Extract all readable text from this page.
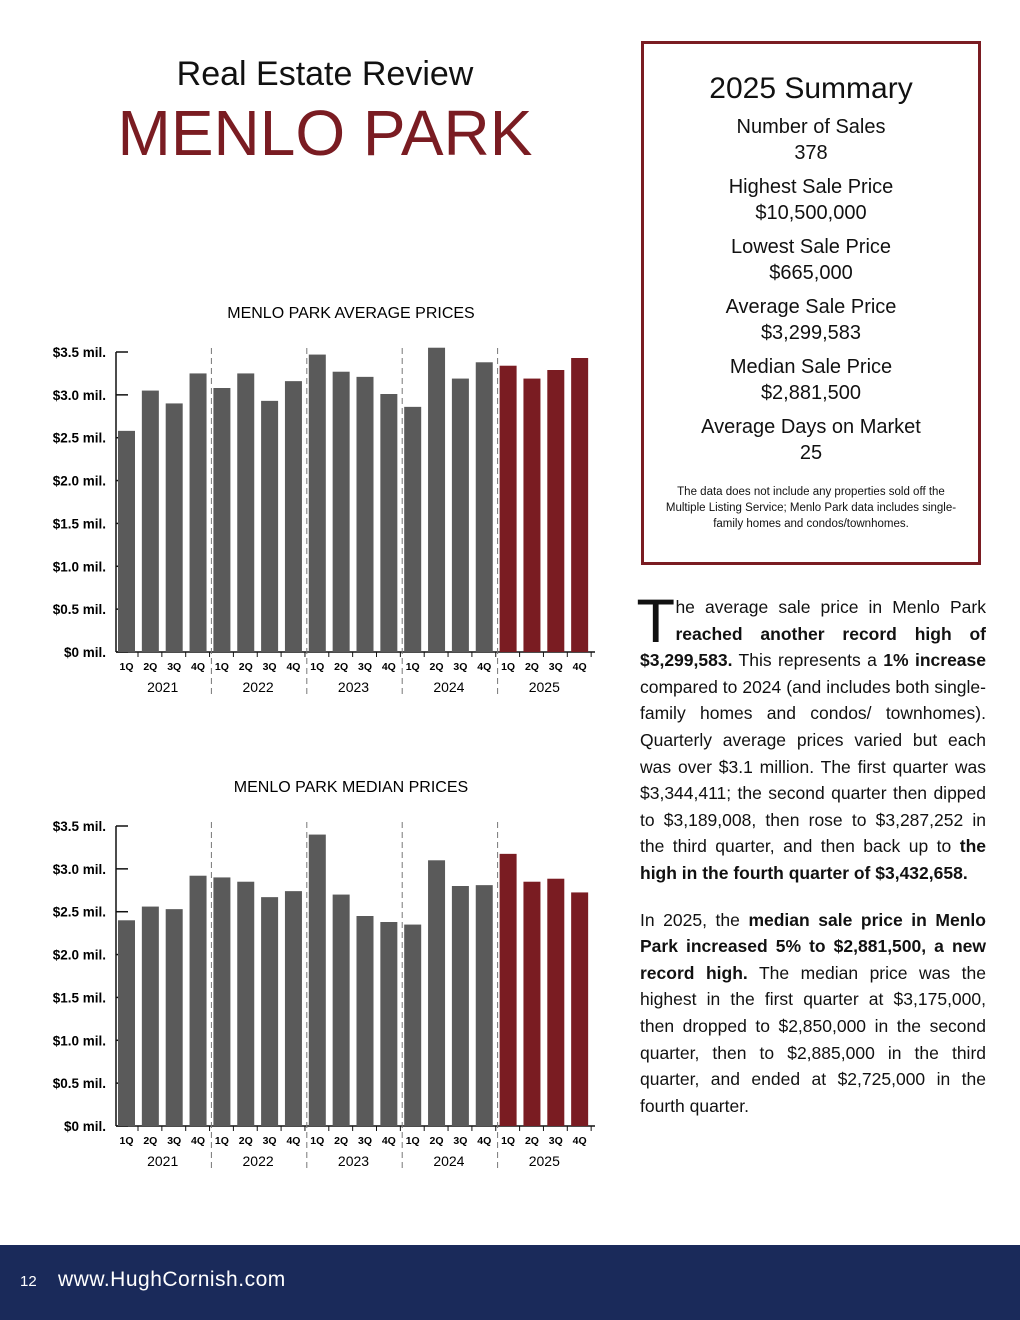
Real Estate Review
MENLO PARK
2025 Summary
Number of Sales
378
Highest Sale Price
$10,500,000
Lowest Sale Price
$665,000
Average Sale Price
$3,299,583
Median Sale Price
$2,881,500
Average Days on Market
25
The data does not include any properties sold off the Multiple Listing Service; Menlo Park data includes single-family homes and condos/townhomes.
MENLO PARK AVERAGE PRICES
$0 mil.
$0.5 mil.
$1.0 mil.
$1.5 mil.
$2.0 mil.
$2.5 mil.
$3.0 mil.
$3.5 mil.
1Q 2Q 3Q 4Q 1Q 2Q 3Q 4Q 1Q 2Q 3Q 4Q 1Q 2Q 3Q 4Q 1Q 2Q 3Q 4Q
2021	2022	2023	2024	2025
MENLO PARK MEDIAN PRICES
$0 mil.
$0.5 mil.
$1.0 mil.
$1.5 mil.
$2.0 mil.
$2.5 mil.
$3.0 mil.
$3.5 mil.
1Q 2Q 3Q 4Q 1Q 2Q 3Q 4Q 1Q 2Q 3Q 4Q 1Q 2Q 3Q 4Q 1Q 2Q 3Q 4Q
2021	2022	2023	2024	2025

The average sale price in Menlo Park reached another record high of $3,299,583. This represents a 1% increase compared to 2024 (and includes both single-family homes and condos/ townhomes). Quarterly average prices varied but each was over $3.1 million. The first quarter was $3,344,411; the second quarter then dipped to $3,189,008, then rose to $3,287,252 in the third quarter, and then back up to the high in the fourth quarter of $3,432,658.

In 2025, the median sale price in Menlo Park increased 5% to $2,881,500, a new record high. The median price was the highest in the first quarter at $3,175,000, then dropped to $2,850,000 in the second quarter, then to $2,885,000 in the third quarter, and ended at $2,725,000 in the fourth quarter.

12 www.HughCornish.com
